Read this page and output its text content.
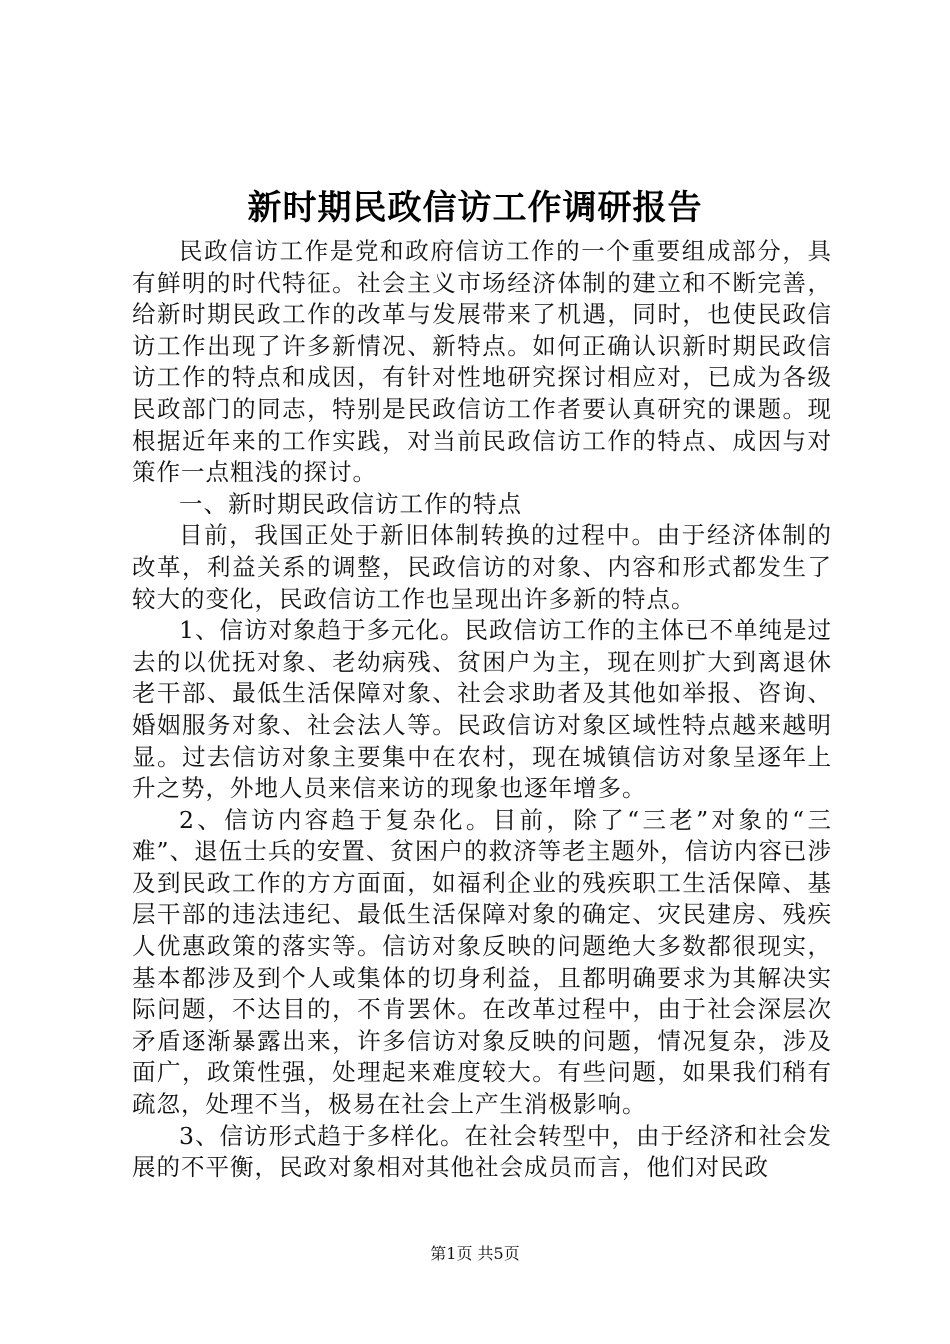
新时期民政信访工作调研报告

民政信访工作是党和政府信访工作的一个重要组成部分，具有鲜明的时代特征。社会主义市场经济体制的建立和不断完善，给新时期民政工作的改革与发展带来了机遇，同时，也使民政信访工作出现了许多新情况、新特点。如何正确认识新时期民政信访工作的特点和成因，有针对性地研究探讨相应对，已成为各级民政部门的同志，特别是民政信访工作者要认真研究的课题。现根据近年来的工作实践，对当前民政信访工作的特点、成因与对策作一点粗浅的探讨。

一、新时期民政信访工作的特点

目前，我国正处于新旧体制转换的过程中。由于经济体制的改革，利益关系的调整，民政信访的对象、内容和形式都发生了较大的变化，民政信访工作也呈现出许多新的特点。

1、信访对象趋于多元化。民政信访工作的主体已不单纯是过去的以优抚对象、老幼病残、贫困户为主，现在则扩大到离退休老干部、最低生活保障对象、社会求助者及其他如举报、咨询、婚姻服务对象、社会法人等。民政信访对象区域性特点越来越明显。过去信访对象主要集中在农村，现在城镇信访对象呈逐年上升之势，外地人员来信来访的现象也逐年增多。

2、信访内容趋于复杂化。目前，除了“三老”对象的“三难”、退伍士兵的安置、贫困户的救济等老主题外，信访内容已涉及到民政工作的方方面面，如福利企业的残疾职工生活保障、基层干部的违法违纪、最低生活保障对象的确定、灾民建房、残疾人优惠政策的落实等。信访对象反映的问题绝大多数都很现实，基本都涉及到个人或集体的切身利益，且都明确要求为其解决实际问题，不达目的，不肯罢休。在改革过程中，由于社会深层次矛盾逐渐暴露出来，许多信访对象反映的问题，情况复杂，涉及面广，政策性强，处理起来难度较大。有些问题，如果我们稍有疏忽，处理不当，极易在社会上产生消极影响。

3、信访形式趋于多样化。在社会转型中，由于经济和社会发展的不平衡，民政对象相对其他社会成员而言，他们对民政

第1页 共5页
